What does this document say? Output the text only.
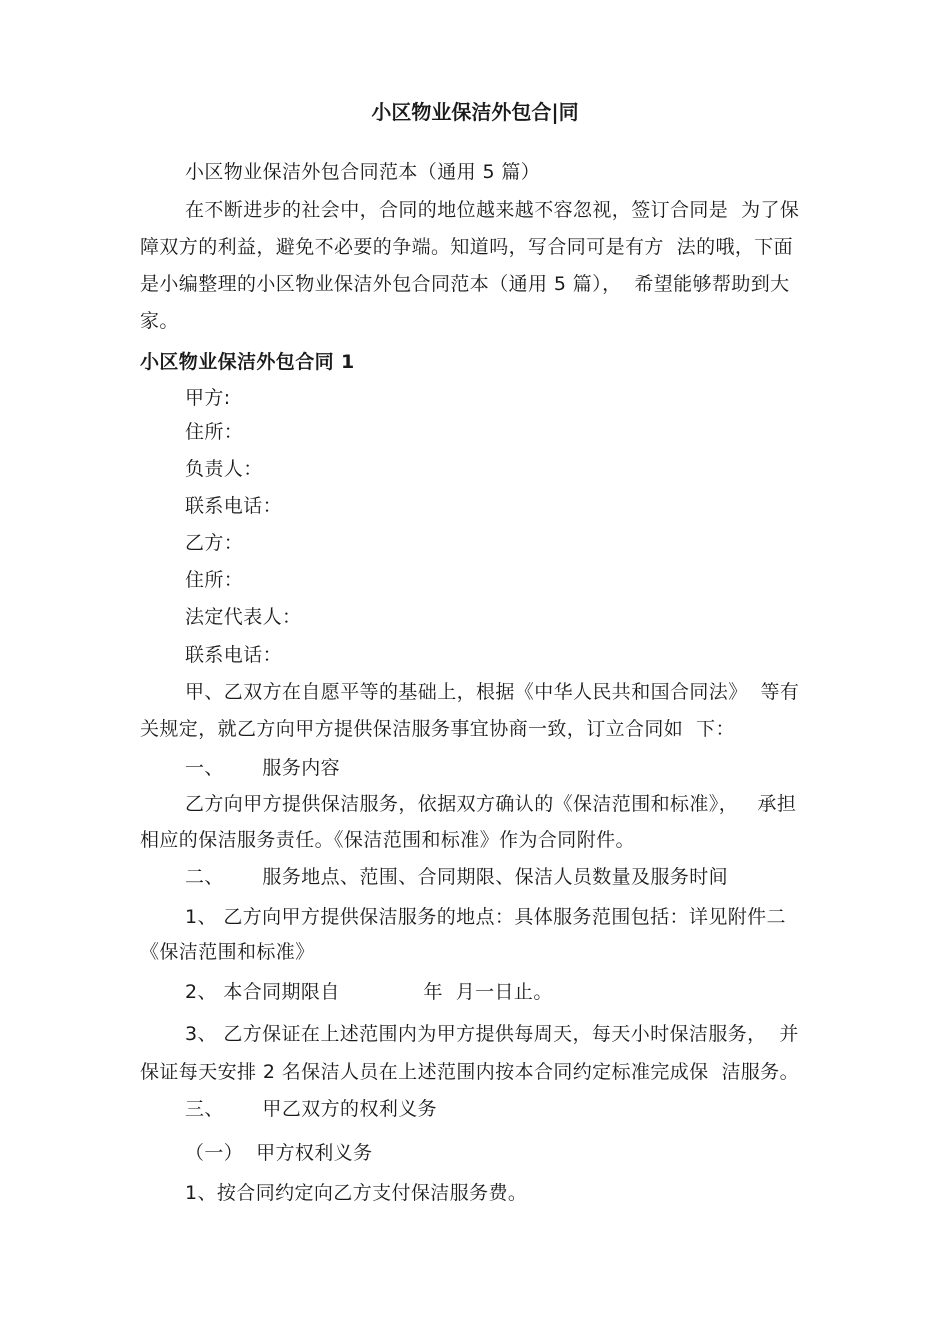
小区物业保洁外包合|同
小区物业保洁外包合同范本（通用 5 篇）
在不断进步的社会中，合同的地位越来越不容忽视，签订合同是  为了保
障双方的利益，避免不必要的争端。知道吗，写合同可是有方  法的哦，下面
是小编整理的小区物业保洁外包合同范本（通用 5 篇），  希望能够帮助到大
家。
小区物业保洁外包合同 1
甲方:
住所：
负责人：
联系电话：
乙方：
住所：
法定代表人：
联系电话：
甲、乙双方在自愿平等的基础上，根据《中华人民共和国合同法》  等有
关规定，就乙方向甲方提供保洁服务事宜协商一致，订立合同如  下：
一、      服务内容
乙方向甲方提供保洁服务，依据双方确认的《保洁范围和标准》，   承担
相应的保洁服务责任。《保洁范围和标准》作为合同附件。
二、      服务地点、范围、合同期限、保洁人员数量及服务时间
1、 乙方向甲方提供保洁服务的地点：具体服务范围包括：详见附件二
《保洁范围和标准》
2、 本合同期限自             年  月一日止。
3、 乙方保证在上述范围内为甲方提供每周天，每天小时保洁服务，  并
保证每天安排 2 名保洁人员在上述范围内按本合同约定标准完成保  洁服务。
三、      甲乙双方的权利义务
（一）  甲方权利义务
1、按合同约定向乙方支付保洁服务费。
